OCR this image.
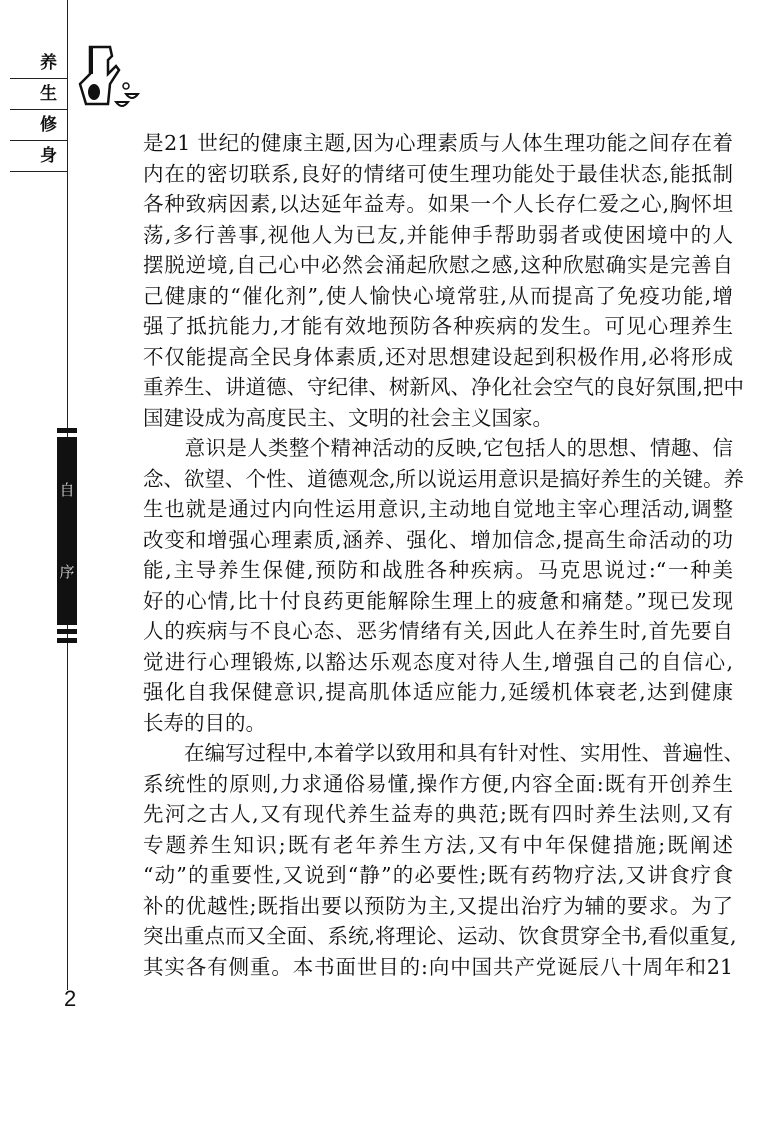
养
生
修
身
自
序
是21 世纪的健康主题,因为心理素质与人体生理功能之间存在着
内在的密切联系,良好的情绪可使生理功能处于最佳状态,能抵制
各种致病因素,以达延年益寿。如果一个人长存仁爱之心,胸怀坦
荡,多行善事,视他人为已友,并能伸手帮助弱者或使困境中的人
摆脱逆境,自己心中必然会涌起欣慰之感,这种欣慰确实是完善自
己健康的“催化剂”,使人愉快心境常驻,从而提高了免疫功能,增
强了抵抗能力,才能有效地预防各种疾病的发生。可见心理养生
不仅能提高全民身体素质,还对思想建设起到积极作用,必将形成
重养生、讲道德、守纪律、树新风、净化社会空气的良好氛围,把中
国建设成为高度民主、文明的社会主义国家。
　　意识是人类整个精神活动的反映,它包括人的思想、情趣、信
念、欲望、个性、道德观念,所以说运用意识是搞好养生的关键。养
生也就是通过内向性运用意识,主动地自觉地主宰心理活动,调整
改变和增强心理素质,涵养、强化、增加信念,提高生命活动的功
能,主导养生保健,预防和战胜各种疾病。马克思说过:“一种美
好的心情,比十付良药更能解除生理上的疲惫和痛楚。”现已发现
人的疾病与不良心态、恶劣情绪有关,因此人在养生时,首先要自
觉进行心理锻炼,以豁达乐观态度对待人生,增强自己的自信心,
强化自我保健意识,提高肌体适应能力,延缓机体衰老,达到健康
长寿的目的。
　　在编写过程中,本着学以致用和具有针对性、实用性、普遍性、
系统性的原则,力求通俗易懂,操作方便,内容全面:既有开创养生
先河之古人,又有现代养生益寿的典范;既有四时养生法则,又有
专题养生知识;既有老年养生方法,又有中年保健措施;既阐述
“动”的重要性,又说到“静”的必要性;既有药物疗法,又讲食疗食
补的优越性;既指出要以预防为主,又提出治疗为辅的要求。为了
突出重点而又全面、系统,将理论、运动、饮食贯穿全书,看似重复,
其实各有侧重。本书面世目的:向中国共产党诞辰八十周年和21
2
